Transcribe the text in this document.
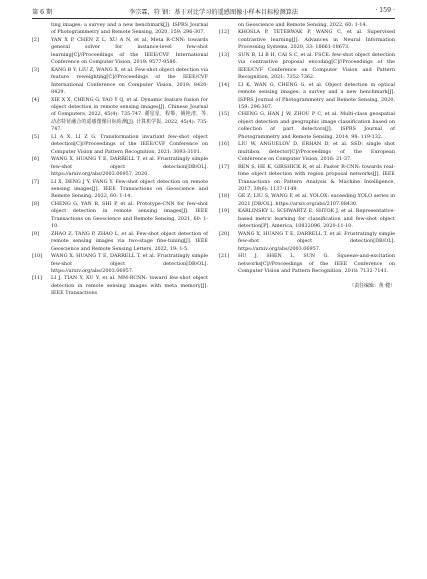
第 6 期	李宗霖，符 钢：基于对比学习的遥感图像小样本目标检测算法	· 159 ·
ting images: a survey and a new benchmark[J]. ISPRS Journal of Photogrammetry and Remote Sensing, 2020, 159: 296-307.
[2] YAN X P, CHEN Z L, XU A N, et al. Meta R-CNN: towards general solver for instance-level few-shot learning[C]//Proceedings of the IEEE/CVF International Conference on Computer Vision, 2019: 9577-9586.
[3] KANG B Y, LIU Z, WANG X, et al. Few-shot object detection via feature reweighting[C]//Proceedings of the IEEE/CVF International Conference on Computer Vision, 2019: 8420-8429.
[4] XIE X X, CHENG G, YAO Y Q, et al. Dynamic feature fusion for object detection in remote sensing images[J]. Chinese Journal of Computers, 2022, 45(4): 735-747. 谢星星，程塨，姚艳清，等. 动态特征融合的遥感图像目标检测[J]. 计算机学报, 2022, 45(4): 735-747.
[5] LI A X, LI Z G. Transformation invariant few-shot object detection[C]//Proceedings of the IEEE/CVF Conference on Computer Vision and Pattern Recognition, 2021: 3093-3101.
[6] WANG X, HUANG T E, DARRELL T, et al. Frustratingly simple few-shot object detection[DB/OL]. https://arxiv.org/abs/2003.06957, 2020.
[7] LI X, DENG J Y, FANG Y. Few-shot object detection on remote sensing images[J]. IEEE Transactions on Geoscience and Remote Sensing, 2022, 60: 1-14.
[8] CHENG G, YAN B, SHI P, et al. Prototype-CNN for few-shot object detection in remote sensing images[J]. IEEE Transactions on Geoscience and Remote Sensing, 2021, 60: 1-10.
[9] ZHAO Z, TANG P, ZHAO L, et al. Few-shot object detection of remote sensing images via two-stage fine-tuning[J]. IEEE Geoscience and Remote Sensing Letters, 2022, 19: 1-5.
[10] WANG X, HUANG T E, DARRELL T, et al. Frustratingly simple few-shot object detection[DB/OL]. https://arxiv.org/abs/2003.06957.
[11] LI J, TIAN Y, XU Y, et al. MM-RCNN: toward few-shot object detection in remote sensing images with meta memory[J]. IEEE Transactions
on Geoscience and Remote Sensing, 2022, 60: 1-14.
[12] KHOSLA P, TETERWAK P, WANG C, et al. Supervised contrastive learning[J]. Advances in Neural Information Processing Systems, 2020, 33: 18661-18673.
[13] SUN B, LI B H, CAI S C, et al. FSCE: few-shot object detection via contrastive proposal encoding[C]//Proceedings of the IEEE/CVF Conference on Computer Vision and Pattern Recognition, 2021: 7352-7362.
[14] LI K, WAN G, CHENG G, et al. Object detection in optical remote sensing images: a survey and a new benchmark[J]. ISPRS Journal of Photogrammetry and Remote Sensing, 2020, 159: 296-307.
[15] CHENG G, HAN J W, ZHOU P C, et al. Multi-class geospatial object detection and geographic image classification based on collection of part detectors[J]. ISPRS Journal of Photogrammetry and Remote Sensing, 2014, 98: 119-132.
[16] LIU W, ANGUELOV D, ERHAN D, et al. SSD: single shot multibox detector[C]//Proceedings of the European Conference on Computer Vision, 2016: 21-37.
[17] REN S, HE K, GIRSHICK R, et al. Faster R-CNN: towards real-time object detection with region proposal networks[J]. IEEE Transactions on Pattern Analysis & Machine Intelligence, 2017, 39(6): 1137-1149.
[18] GE Z, LIU S, WANG F, et al. YOLOX: exceeding YOLO series in 2021 [DB/OL]. https://arxiv.org/abs/2107.08430.
[19] KARLINSKY L, SCHWARTZ E, SHTOK J, et al. Representative-based metric learning for classification and few-shot object detection[P]. America, 10832096, 2020-11-10.
[20] WANG X, HUANG T E, DARRELL T, et al. Frustratingly simple few-shot object detection[DB/OL]. https://arxiv.org/abs/2003.06957.
[21] HU J, SHEN L, SUN G. Squeeze-and-excitation networks[C]//Proceedings of the IEEE Conference on Computer Vision and Pattern Recognition, 2018: 7132-7141.
（责任编辑：黄 健）
